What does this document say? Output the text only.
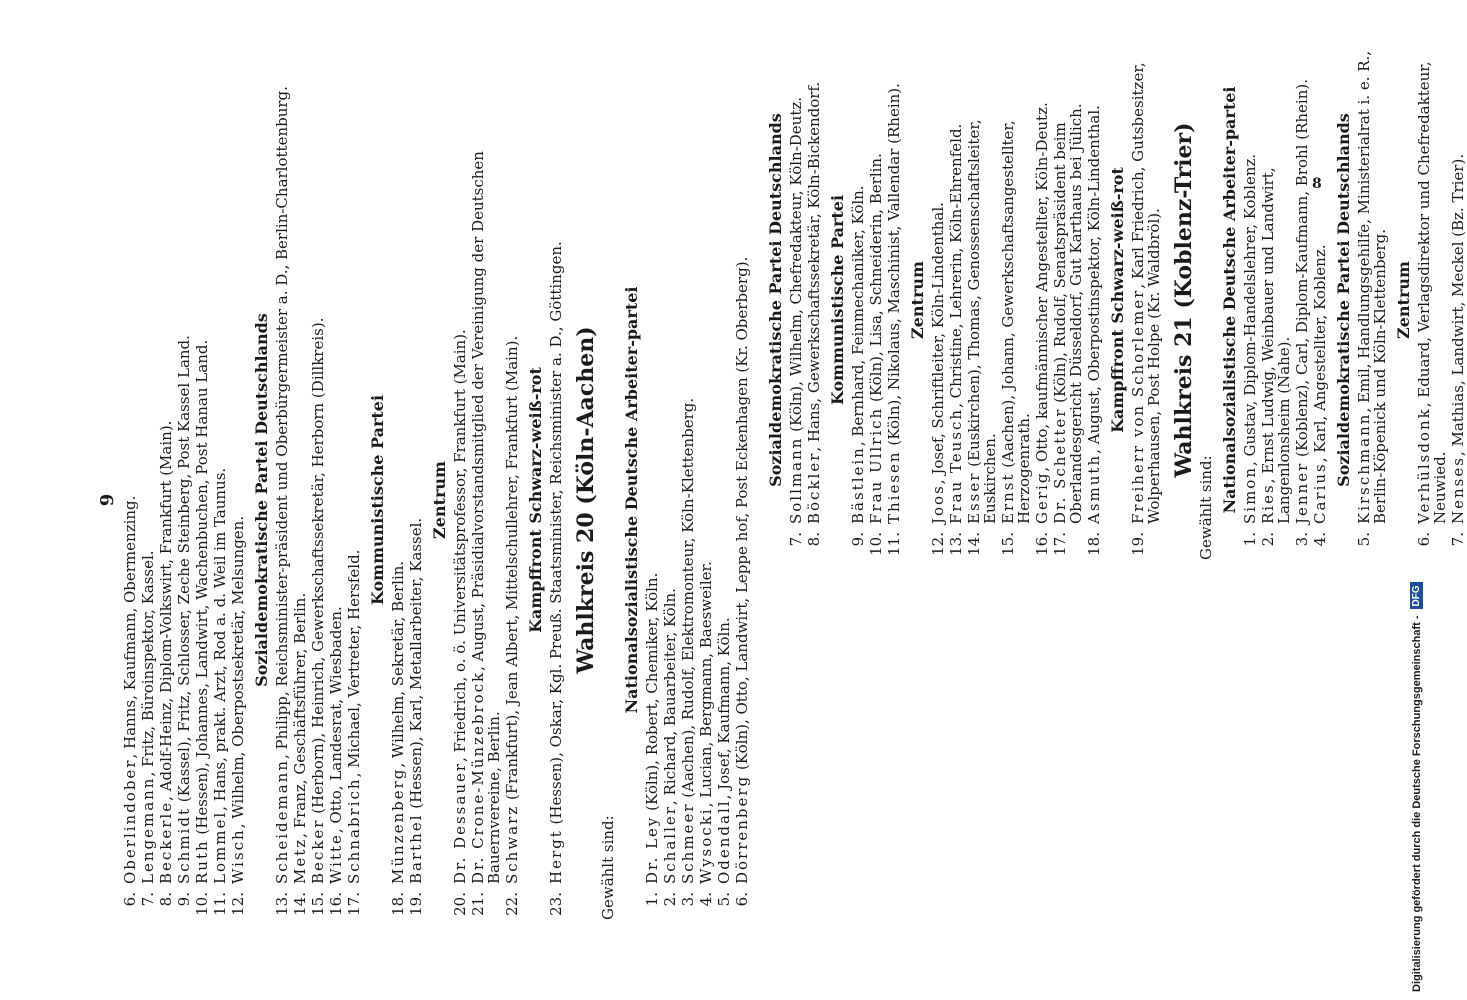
9
6.
Oberlindober, Hanns, Kaufmann, Obermenzing.
7.
Lengemann, Fritz, Büroinspektor, Kassel.
8.
Beckerle, Adolf-Heinz, Diplom-Volkswirt, Frankfurt (Main).
9.
Schmidt (Kassel), Fritz, Schlosser, Zeche Steinberg, Post Kassel Land.
10.
Ruth (Hessen), Johannes, Landwirt, Wachenbuchen, Post Hanau Land.
11.
Lommel, Hans, prakt. Arzt, Rod a. d. Weil im Taunus.
12.
Wisch, Wilhelm, Oberpostsekretär, Melsungen. Sozialdemokratische Partei Deutschlands
13.
Scheidemann, Philipp, Reichsminister-präsident und Oberbürgermeister a. D., Berlin-Charlottenburg.
14.
Metz, Franz, Geschäftsführer, Berlin.
15.
Becker (Herborn), Heinrich, Gewerkschaftssekretär, Herborn (Dillkreis).
16.
Witte, Otto, Landesrat, Wiesbaden.
17.
Schnabrich, Michael, Vertreter, Hersfeld.
Kommunistische Partei
18.
Münzenberg, Wilhelm, Sekretär, Berlin.
19.
Barthel (Hessen), Karl, Metallarbeiter, Kassel.
Zentrum
20.
Dr. Dessauer, Friedrich, o. ö. Universitätsprofessor, Frankfurt (Main).
21.
Dr. Crone-Münzebrock, August, Präsidialvorstandsmitglied der Vereinigung der Deutschen Bauernvereine, Berlin.
22.
Schwarz (Frankfurt), Jean Albert, Mittelschullehrer, Frankfurt (Main). Kampffront Schwarz-weiß-rot
23.
Hergt (Hessen), Oskar, Kgl. Preuß. Staatsminister, Reichsminister a. D., Göttingen. Wahlkreis 20 (Köln-Aachen)
Gewählt sind:
Nationalsozialistische Deutsche Arbeiter-partei
1.
Dr. Ley (Köln), Robert, Chemiker, Köln.
2.
Schaller, Richard, Bauarbeiter, Köln.
3.
Schmeer (Aachen), Rudolf, Elektromonteur, Köln-Klettenberg.
4.
Wysocki, Lucian, Bergmann, Baesweiler.
5.
Odendall, Josef, Kaufmann, Köln.
6.
Dörrenberg (Köln), Otto, Landwirt, Leppe hof, Post Eckenhagen (Kr. Oberberg). Sozialdemokratische Partei Deutschlands
7.
Sollmann (Köln), Wilhelm, Chefredakteur, Köln-Deutz.
8.
Böckler, Hans, Gewerkschaftssekretär, Köln-Bickendorf. Kommunistische Partei
9.
Bästlein, Bernhard, Feinmechaniker, Köln.
10.
Frau Ullrich (Köln), Lisa, Schneiderin, Berlin.
11.
Thiesen (Köln), Nikolaus, Maschinist, Vallendar (Rhein). Zentrum
12.
Joos, Josef, Schriftleiter, Köln-Lindenthal.
13.
Frau Teusch, Christine, Lehrerin, Köln-Ehrenfeld.
14.
Esser (Euskirchen), Thomas, Genossenschaftsleiter, Euskirchen.
15.
Ernst (Aachen), Johann, Gewerkschaftsangestellter, Herzogenrath.
16.
Gerig, Otto, kaufmännischer Angestellter, Köln-Deutz.
17.
Dr. Schetter (Köln), Rudolf, Senatspräsident beim Oberlandesgericht Düsseldorf, Gut Karthaus bei Jülich.
18.
Asmuth, August, Oberpostinspektor, Köln-Lindenthal. Kampffront Schwarz-weiß-rot
19.
Freiherr von Schorlemer, Karl Friedrich, Gutsbesitzer, Wolperhausen, Post Holpe (Kr. Waldbröl). Wahlkreis 21 (Koblenz-Trier)
Gewählt sind: Nationalsozialistische Deutsche Arbeiter-partei
1.
Simon, Gustav, Diplom-Handelslehrer, Koblenz.
2.
Ries, Ernst Ludwig, Weinbauer und Landwirt, Langenlonsheim (Nahe).
3.
Jenner (Koblenz), Carl, Diplom-Kaufmann, Brohl (Rhein).
4.
Carius, Karl, Angestellter, Koblenz. Sozialdemokratische Partei Deutschlands
5.
Kirschmann, Emil, Handlungsgehilfe, Ministerialrat i. e. R., Berlin-Köpenick und Köln-Klettenberg. Zentrum
6.
Verhülsdonk, Eduard, Verlagsdirektor und Chefredakteur, Neuwied.
7.
Nenses, Mathias, Landwirt, Meckel (Bz. Trier).
8
Digitalisierung gefördert durch die Deutsche Forschungsgemeinschaft -
DFG
